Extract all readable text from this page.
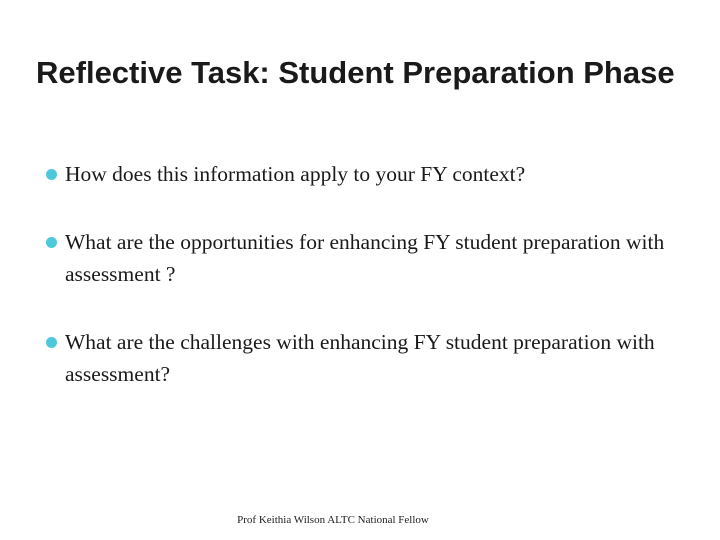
Reflective Task: Student Preparation Phase
How does this information apply to your FY context?
What are the opportunities for enhancing FY student preparation with assessment ?
What are the challenges with enhancing FY student preparation with assessment?
Prof Keithia Wilson ALTC National Fellow
